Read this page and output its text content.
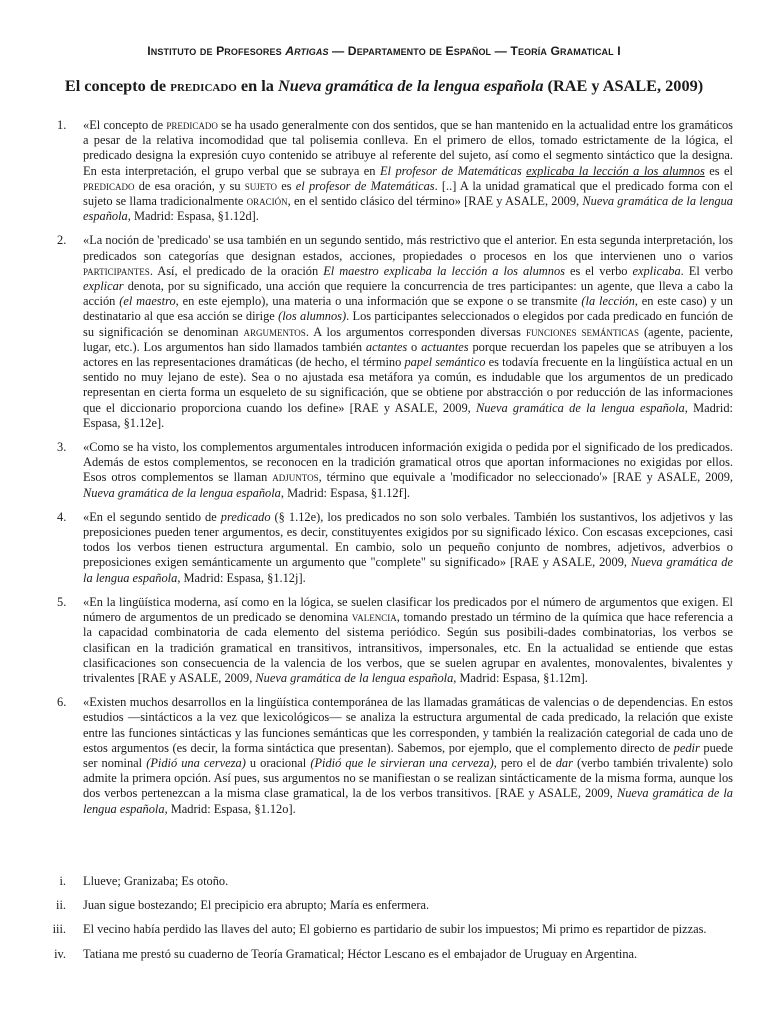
Instituto de Profesores Artigas — Departamento de Español — Teoría Gramatical I
El concepto de predicado en la Nueva gramática de la lengua española (RAE y ASALE, 2009)
1. «El concepto de predicado se ha usado generalmente con dos sentidos, que se han mantenido en la actualidad entre los gramáticos a pesar de la relativa incomodidad que tal polisemia conlleva. En el primero de ellos, tomado estrictamente de la lógica, el predicado designa la expresión cuyo contenido se atribuye al referente del sujeto, así como el segmento sintáctico que la designa. En esta interpretación, el grupo verbal que se subraya en El profesor de Matemáticas explicaba la lección a los alumnos es el predicado de esa oración, y su sujeto es el profesor de Matemáticas. [..] A la unidad gramatical que el predicado forma con el sujeto se llama tradicionalmente oración, en el sentido clásico del término» [RAE y ASALE, 2009, Nueva gramática de la lengua española, Madrid: Espasa, §1.12d].
2. «La noción de 'predicado' se usa también en un segundo sentido, más restrictivo que el anterior. En esta segunda interpretación, los predicados son categorías que designan estados, acciones, propiedades o procesos en los que intervienen uno o varios participantes. Así, el predicado de la oración El maestro explicaba la lección a los alumnos es el verbo explicaba. El verbo explicar denota, por su significado, una acción que requiere la concurrencia de tres participantes: un agente, que lleva a cabo la acción (el maestro, en este ejemplo), una materia o una información que se expone o se transmite (la lección, en este caso) y un destinatario al que esa acción se dirige (los alumnos). Los participantes seleccionados o elegidos por cada predicado en función de su significación se denominan argumentos. A los argumentos corresponden diversas funciones semánticas (agente, paciente, lugar, etc.). Los argumentos han sido llamados también actantes o actuantes porque recuerdan los papeles que se atribuyen a los actores en las representaciones dramáticas (de hecho, el término papel semántico es todavía frecuente en la lingüística actual en un sentido no muy lejano de este). Sea o no ajustada esa metáfora ya común, es indudable que los argumentos de un predicado representan en cierta forma un esqueleto de su significación, que se obtiene por abstracción o por reducción de las informaciones que el diccionario proporciona cuando los define» [RAE y ASALE, 2009, Nueva gramática de la lengua española, Madrid: Espasa, §1.12e].
3. «Como se ha visto, los complementos argumentales introducen información exigida o pedida por el significado de los predicados. Además de estos complementos, se reconocen en la tradición gramatical otros que aportan informaciones no exigidas por ellos. Esos otros complementos se llaman adjuntos, término que equivale a 'modificador no seleccionado'» [RAE y ASALE, 2009, Nueva gramática de la lengua española, Madrid: Espasa, §1.12f].
4. «En el segundo sentido de predicado (§ 1.12e), los predicados no son solo verbales. También los sustantivos, los adjetivos y las preposiciones pueden tener argumentos, es decir, constituyentes exigidos por su significado léxico. Con escasas excepciones, casi todos los verbos tienen estructura argumental. En cambio, solo un pequeño conjunto de nombres, adjetivos, adverbios o preposiciones exigen semánticamente un argumento que "complete" su significado» [RAE y ASALE, 2009, Nueva gramática de la lengua española, Madrid: Espasa, §1.12j].
5. «En la lingüística moderna, así como en la lógica, se suelen clasificar los predicados por el número de argumentos que exigen. El número de argumentos de un predicado se denomina valencia, tomando prestado un término de la química que hace referencia a la capacidad combinatoria de cada elemento del sistema periódico. Según sus posibili-dades combinatorias, los verbos se clasifican en la tradición gramatical en transitivos, intransitivos, impersonales, etc. En la actualidad se entiende que estas clasificaciones son consecuencia de la valencia de los verbos, que se suelen agrupar en avalentes, monovalentes, bivalentes y trivalentes [RAE y ASALE, 2009, Nueva gramática de la lengua española, Madrid: Espasa, §1.12m].
6. «Existen muchos desarrollos en la lingüística contemporánea de las llamadas gramáticas de valencias o de dependencias. En estos estudios —sintácticos a la vez que lexicológicos— se analiza la estructura argumental de cada predicado, la relación que existe entre las funciones sintácticas y las funciones semánticas que les corresponden, y también la realización categorial de cada uno de estos argumentos (es decir, la forma sintáctica que presentan). Sabemos, por ejemplo, que el complemento directo de pedir puede ser nominal (Pidió una cerveza) u oracional (Pidió que le sirvieran una cerveza), pero el de dar (verbo también trivalente) solo admite la primera opción. Así pues, sus argumentos no se manifiestan o se realizan sintácticamente de la misma forma, aunque los dos verbos pertenezcan a la misma clase gramatical, la de los verbos transitivos. [RAE y ASALE, 2009, Nueva gramática de la lengua española, Madrid: Espasa, §1.12o].
i. Llueve; Granizaba; Es otoño.
ii. Juan sigue bostezando; El precipicio era abrupto; María es enfermera.
iii. El vecino había perdido las llaves del auto; El gobierno es partidario de subir los impuestos; Mi primo es repartidor de pizzas.
iv. Tatiana me prestó su cuaderno de Teoría Gramatical; Héctor Lescano es el embajador de Uruguay en Argentina.
